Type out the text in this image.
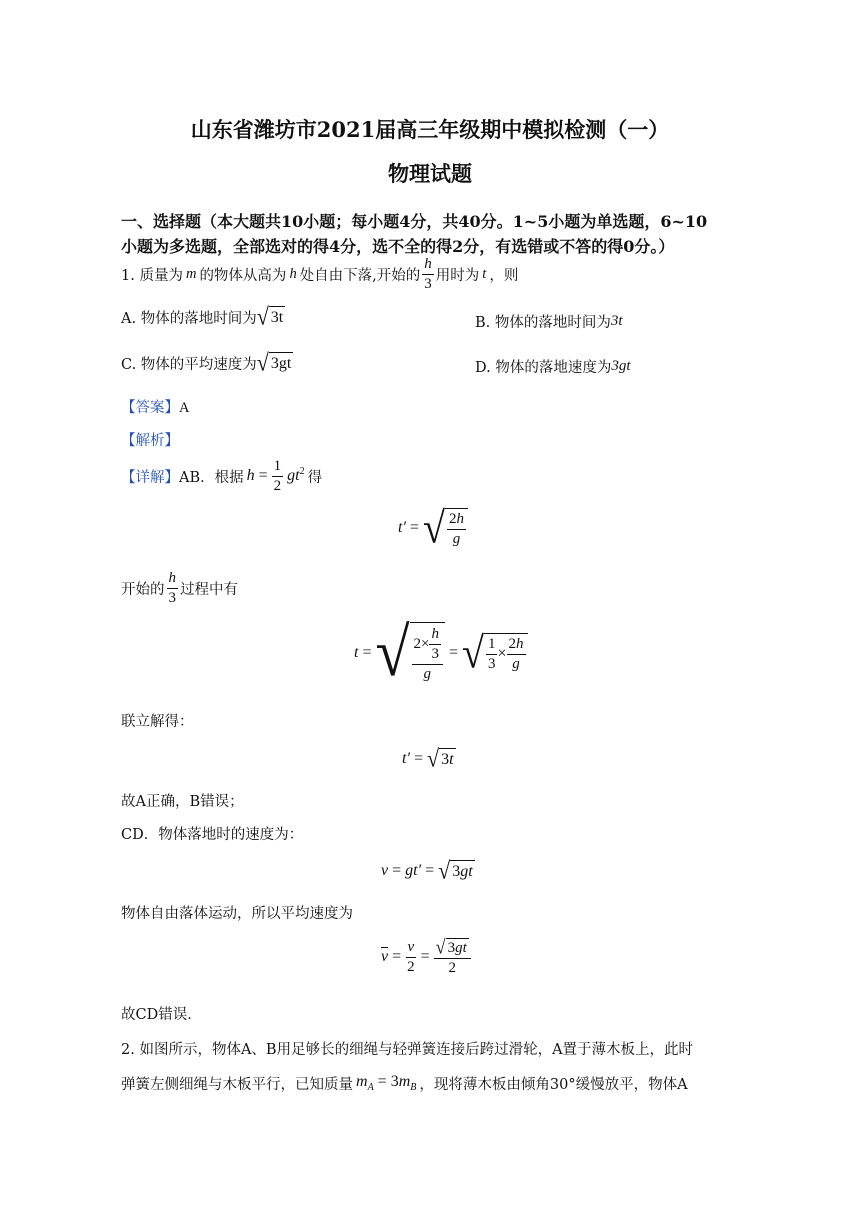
山东省潍坊市2021届高三年级期中模拟检测（一）
物理试题
一、选择题（本大题共10小题；每小题4分，共40分。1~5小题为单选题，6~10
小题为多选题，全部选对的得4分，选不全的得2分，有选错或不答的得0分。）
1. 质量为 m 的物体从高为 h 处自由下落,开始的 $\frac{h}{3}$ 用时为 t ，则
A. 物体的落地时间为 √ 3t	B. 物体的落地时间为 3t
C. 物体的平均速度为 √ 3gt	D. 物体的落地速度为 3gt
【答案】A
【解析】
【详解】 AB．根据 $h = \frac{1}{2} gt^2$ 得
t′ = √ $\frac{2h}{g}$
开始的 $\frac{h}{3}$ 过程中有
t = √ $\frac{2\times \frac{h}{3}}{g}$ = √ $\frac{1}{3} \times \frac{2h}{g}$
联立解得：
t′ = √ 3 t
故A正确，B错误；
CD．物体落地时的速度为：
v = gt′ = √ 3 gt
物体自由落体运动，所以平均速度为
$\overline{v} = \frac{v}{2} = \frac{√ 3 gt}{2}$
故CD错误．
2. 如图所示，物体A、B用足够长的细绳与轻弹簧连接后跨过滑轮，A置于薄木板上，此时
弹簧左侧细绳与木板平行，已知质量 $m_A = 3m_B$ ，现将薄木板由倾角30°缓慢放平，物体A
